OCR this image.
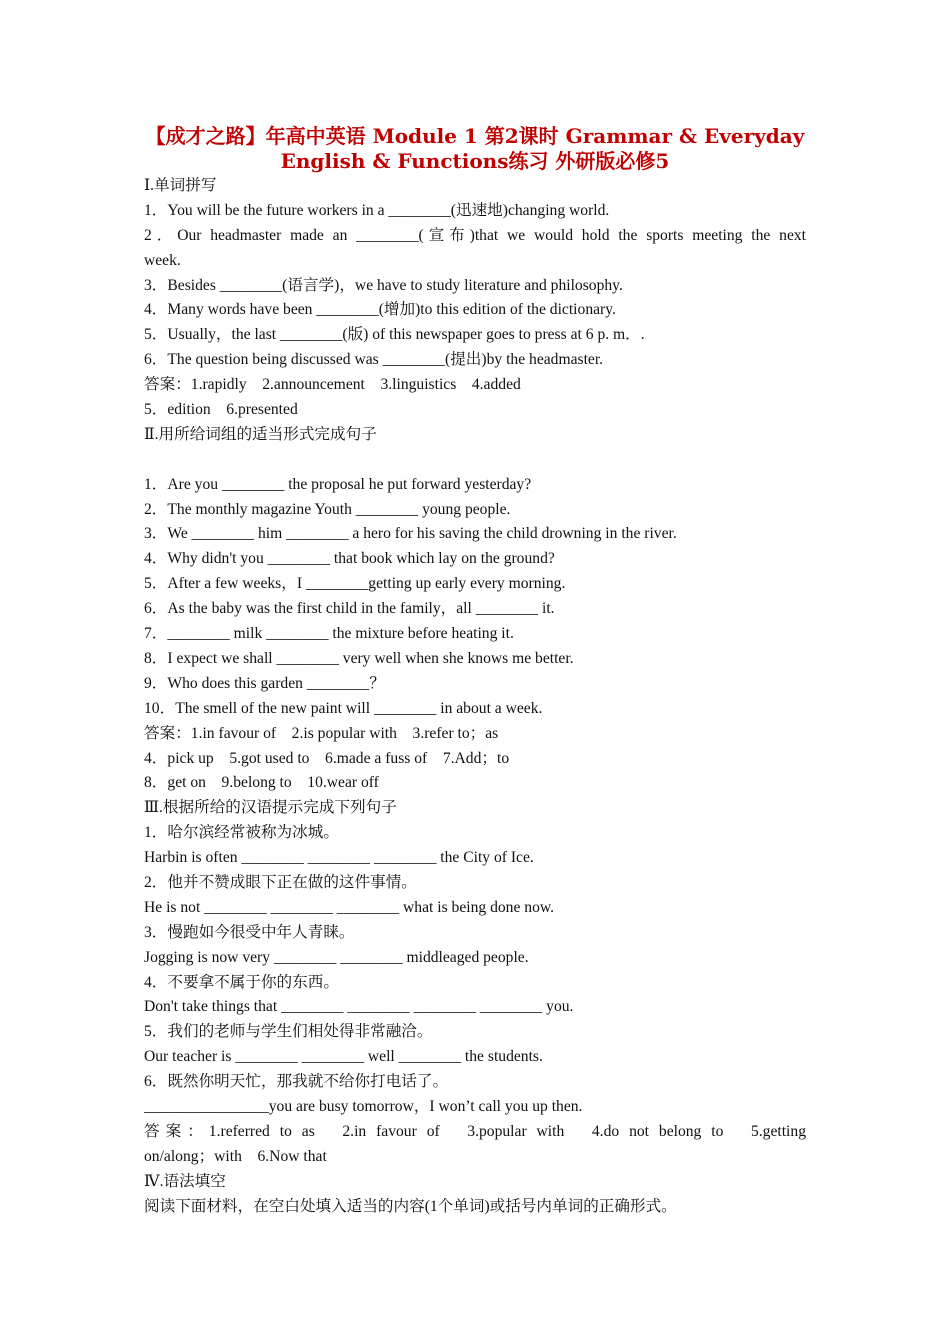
【成才之路】年高中英语 Module 1 第2课时 Grammar & Everyday
English & Functions练习 外研版必修5
Ⅰ.单词拼写
1．You will be the future workers in a ________(迅速地)changing world.
2．Our headmaster made an ________(宣布)that we would hold the sports meeting the next
week.
3．Besides ________(语言学)，we have to study literature and philosophy.
4．Many words have been ________(增加)to this edition of the dictionary.
5．Usually，the last ________(版) of this newspaper goes to press at 6 p. m．.
6．The question being discussed was ________(提出)by the headmaster.
答案：1.rapidly　2.announcement　3.linguistics　4.added
5．edition　6.presented
Ⅱ.用所给词组的适当形式完成句子
1．Are you ________ the proposal he put forward yesterday?
2．The monthly magazine Youth ________ young people.
3．We ________ him ________ a hero for his saving the child drowning in the river.
4．Why didn't you ________ that book which lay on the ground?
5．After a few weeks，I ________getting up early every morning.
6．As the baby was the first child in the family，all ________ it.
7．________ milk ________ the mixture before heating it.
8．I expect we shall ________ very well when she knows me better.
9．Who does this garden ________？
10．The smell of the new paint will ________ in about a week.
答案：1.in favour of　2.is popular with　3.refer to；as
4．pick up　5.got used to　6.made a fuss of　7.Add；to
8．get on　9.belong to　10.wear off
Ⅲ.根据所给的汉语提示完成下列句子
1．哈尔滨经常被称为冰城。
Harbin is often ________ ________ ________ the City of Ice.
2．他并不赞成眼下正在做的这件事情。
He is not ________ ________ ________ what is being done now.
3．慢跑如今很受中年人青睐。
Jogging is now very ________ ________ middleaged people.
4．不要拿不属于你的东西。
Don't take things that ________ ________ ________ ________ you.
5．我们的老师与学生们相处得非常融洽。
Our teacher is ________ ________ well ________ the students.
6．既然你明天忙，那我就不给你打电话了。
________________you are busy tomorrow，I won’t call you up then.
答案：1.referred to as　2.in favour of　3.popular with　4.do not belong to　5.getting
on/along；with　6.Now that
Ⅳ.语法填空
阅读下面材料，在空白处填入适当的内容(1个单词)或括号内单词的正确形式。
